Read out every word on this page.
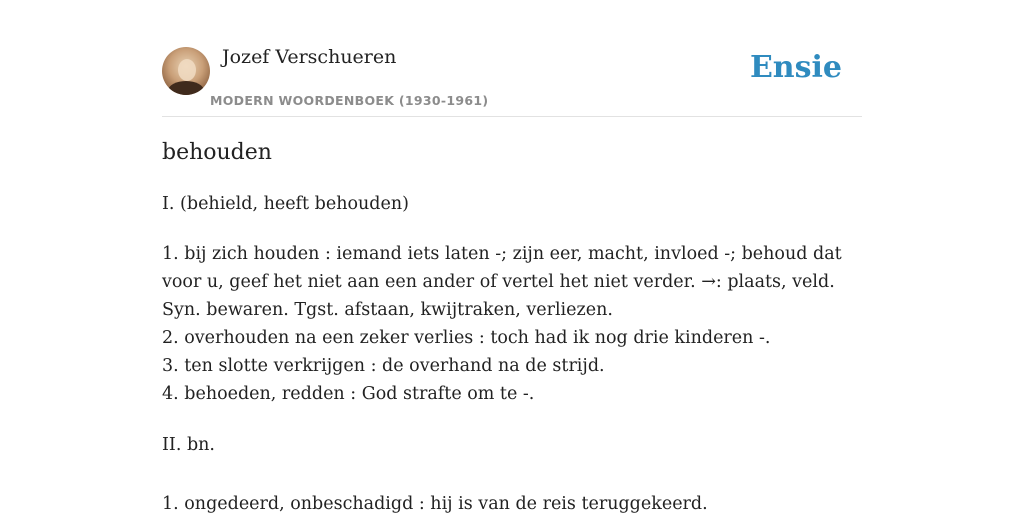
Jozef Verschueren
MODERN WOORDENBOEK (1930-1961)
Ensie
behouden
I. (behield, heeft behouden)
1. bij zich houden : iemand iets laten -; zijn eer, macht, invloed -; behoud dat voor u, geef het niet aan een ander of vertel het niet verder. →: plaats, veld. Syn. bewaren. Tgst. afstaan, kwijtraken, verliezen.
2. overhouden na een zeker verlies : toch had ik nog drie kinderen -.
3. ten slotte verkrijgen : de overhand na de strijd.
4. behoeden, redden : God strafte om te -.
II. bn.
1. ongedeerd, onbeschadigd : hij is van de reis teruggekeerd.
